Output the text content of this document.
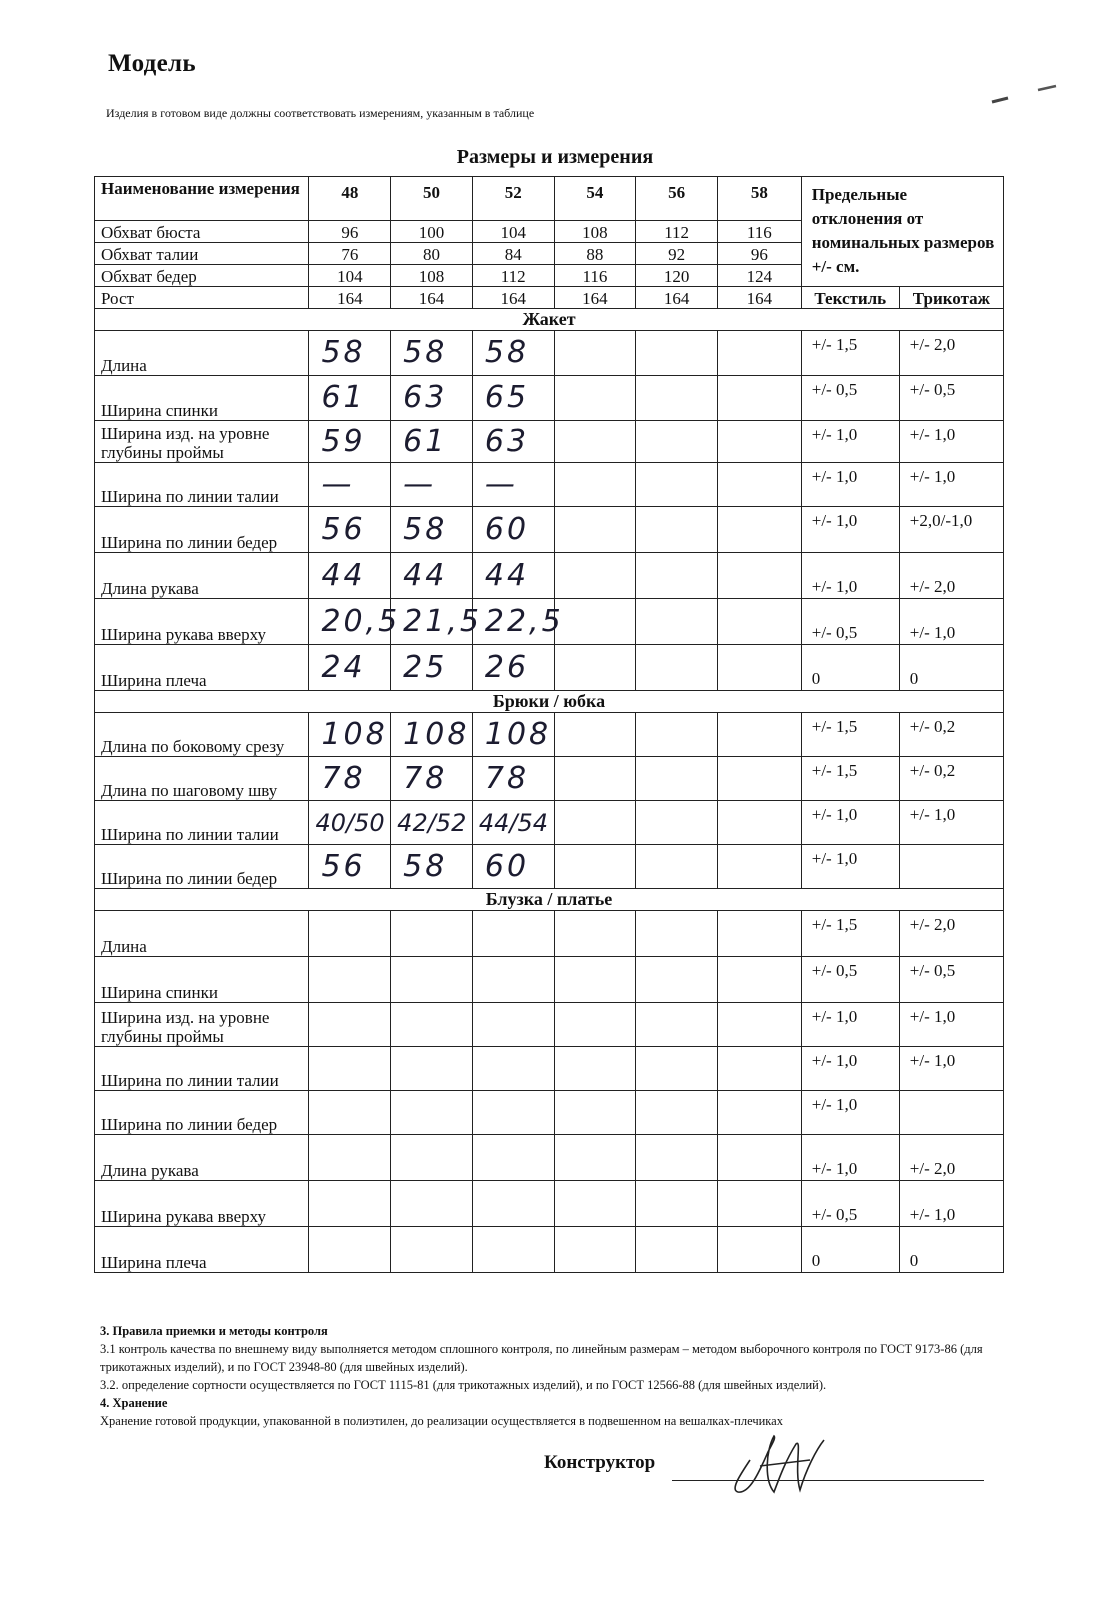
Модель
Изделия в готовом виде должны соответствовать измерениям, указанным в таблице
Размеры и измерения
Наименование измерения	48	50	52	54	56	58	Предельные отклонения от номинальных размеров +/- см.	
Обхват бюста	96	100	104	108	112	116		
Обхват талии	76	80	84	88	92	96		
Обхват бедер	104	108	112	116	120	124		
Рост	164	164	164	164	164	164	Текстиль	Трикотаж
Жакет								
Длина	58	58	58				+/- 1,5	+/- 2,0
Ширина спинки	61	63	65				+/- 0,5	+/- 0,5
Ширина изд. на уровне глубины проймы	59	61	63				+/- 1,0	+/- 1,0
Ширина по линии талии	—	—	—				+/- 1,0	+/- 1,0
Ширина по линии бедер	56	58	60				+/- 1,0	+2,0/-1,0
Длина рукава	44	44	44				+/- 1,0	+/- 2,0
Ширина рукава вверху	20,5	21,5	22,5				+/- 0,5	+/- 1,0
Ширина плеча	24	25	26				0	0
Брюки / юбка								
Длина по боковому срезу	108	108	108				+/- 1,5	+/- 0,2
Длина по шаговому шву	78	78	78				+/- 1,5	+/- 0,2
Ширина по линии талии	40/50	42/52	44/54				+/- 1,0	+/- 1,0
Ширина по линии бедер	56	58	60				+/- 1,0	
Блузка / платье								
Длина							+/- 1,5	+/- 2,0
Ширина спинки							+/- 0,5	+/- 0,5
Ширина изд. на уровне глубины проймы							+/- 1,0	+/- 1,0
Ширина по линии талии							+/- 1,0	+/- 1,0
Ширина по линии бедер							+/- 1,0	
Длина рукава							+/- 1,0	+/- 2,0
Ширина рукава вверху							+/- 0,5	+/- 1,0
Ширина плеча							0	0
3. Правила приемки и методы контроля
3.1 контроль качества по внешнему виду выполняется методом сплошного контроля, по линейным размерам – методом выборочного контроля по ГОСТ 9173-86 (для трикотажных изделий), и по ГОСТ 23948-80 (для швейных изделий).
3.2. определение сортности осуществляется по ГОСТ 1115-81 (для трикотажных изделий), и по ГОСТ 12566-88 (для швейных изделий).
4. Хранение
Хранение готовой продукции, упакованной в полиэтилен, до реализации осуществляется в подвешенном на вешалках-плечиках
Конструктор
